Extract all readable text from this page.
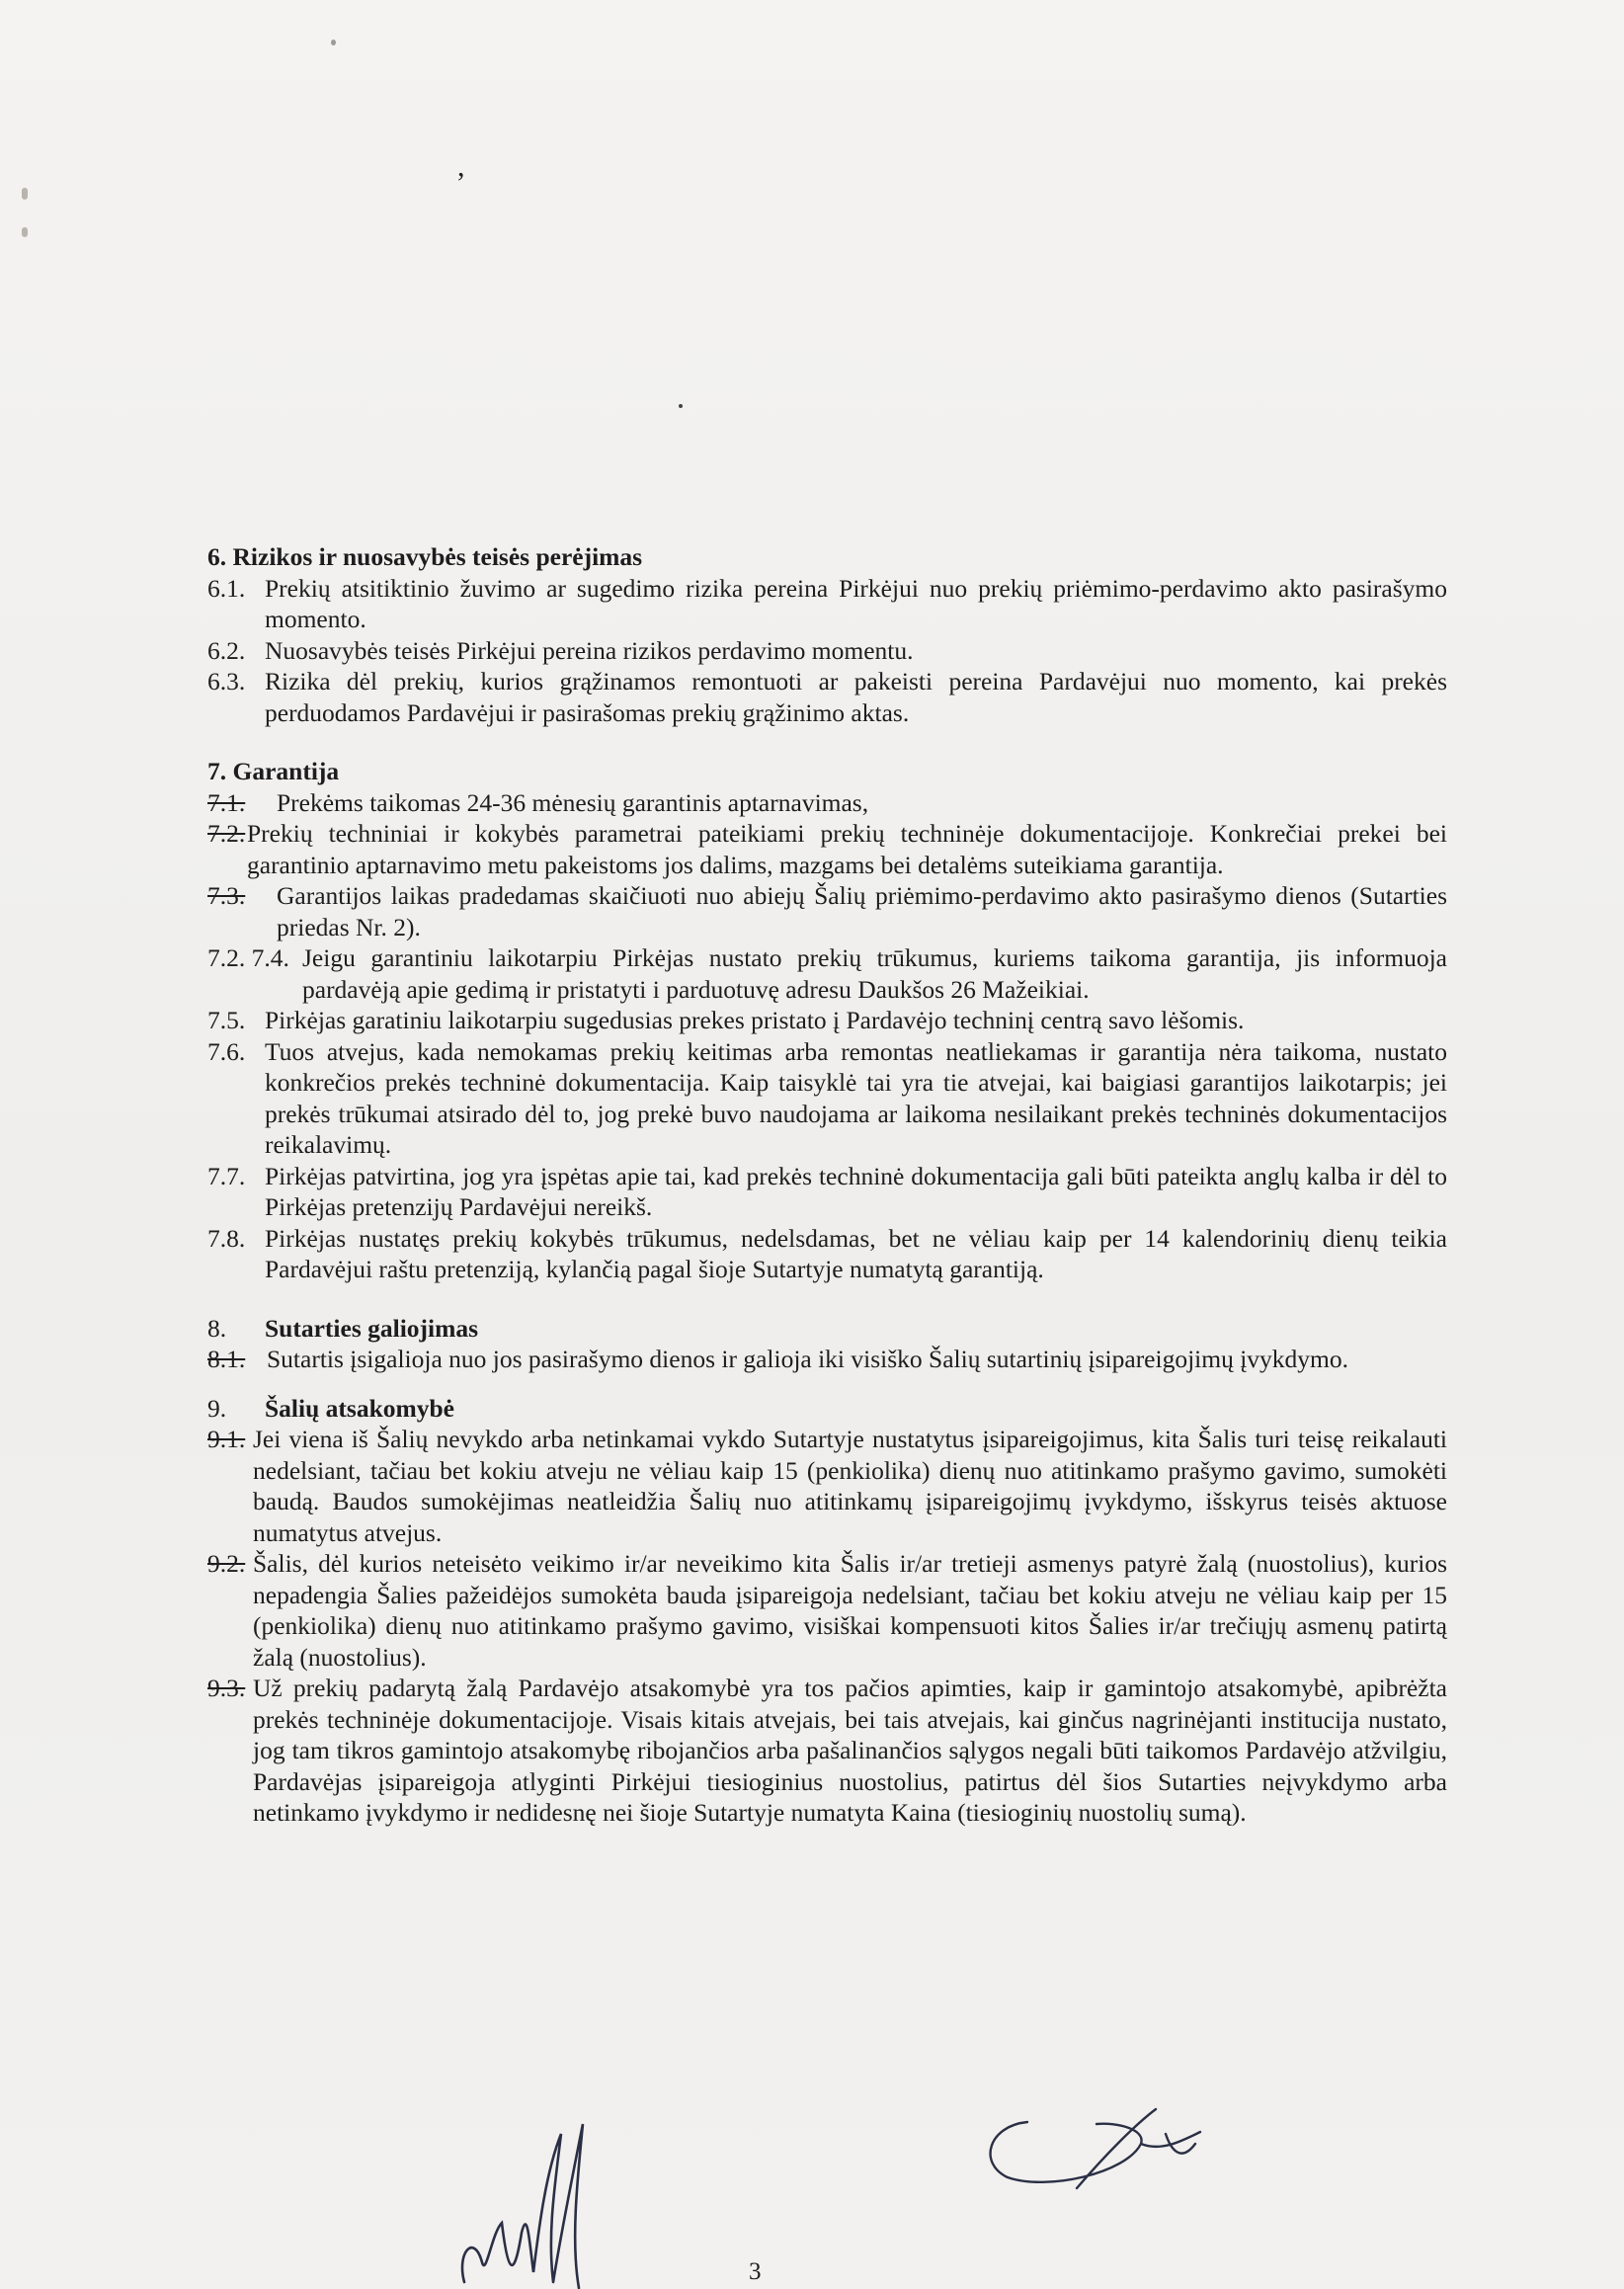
,
6. Rizikos ir nuosavybės teisės perėjimas
6.1. Prekių atsitiktinio žuvimo ar sugedimo rizika pereina Pirkėjui nuo prekių priėmimo-perdavimo akto pasirašymo momento.
6.2. Nuosavybės teisės Pirkėjui pereina rizikos perdavimo momentu.
6.3. Rizika dėl prekių, kurios grąžinamos remontuoti ar pakeisti pereina Pardavėjui nuo momento, kai prekės perduodamos Pardavėjui ir pasirašomas prekių grąžinimo aktas.
7. Garantija
7.1.	Prekėms taikomas 24-36 mėnesių garantinis aptarnavimas,
7.2. Prekių techniniai ir kokybės parametrai pateikiami prekių techninėje dokumentacijoje. Konkrečiai prekei bei garantinio aptarnavimo metu pakeistoms jos dalims, mazgams bei detalėms suteikiama garantija.
7.3.	Garantijos laikas pradedamas skaičiuoti nuo abiejų Šalių priėmimo-perdavimo akto pasirašymo dienos (Sutarties priedas Nr. 2).
7.2. 7.4. Jeigu garantiniu laikotarpiu Pirkėjas nustato prekių trūkumus, kuriems taikoma garantija, jis informuoja pardavėją apie gedimą ir pristatyti i parduotuvę adresu Daukšos 26 Mažeikiai.
7.5. Pirkėjas garatiniu laikotarpiu sugedusias prekes pristato į Pardavėjo techninį centrą savo lėšomis.
7.6. Tuos atvejus, kada nemokamas prekių keitimas arba remontas neatliekamas ir garantija nėra taikoma, nustato konkrečios prekės techninė dokumentacija. Kaip taisyklė tai yra tie atvejai, kai baigiasi garantijos laikotarpis; jei prekės trūkumai atsirado dėl to, jog prekė buvo naudojama ar laikoma nesilaikant prekės techninės dokumentacijos reikalavimų.
7.7. Pirkėjas patvirtina, jog yra įspėtas apie tai, kad prekės techninė dokumentacija gali būti pateikta anglų kalba ir dėl to Pirkėjas pretenzijų Pardavėjui nereikš.
7.8. Pirkėjas nustatęs prekių kokybės trūkumus, nedelsdamas, bet ne vėliau kaip per 14 kalendorinių dienų teikia Pardavėjui raštu pretenziją, kylančią pagal šioje Sutartyje numatytą garantiją.
8. Sutarties galiojimas
8.1. Sutartis įsigalioja nuo jos pasirašymo dienos ir galioja iki visiško Šalių sutartinių įsipareigojimų įvykdymo.
9. Šalių atsakomybė
9.1. Jei viena iš Šalių nevykdo arba netinkamai vykdo Sutartyje nustatytus įsipareigojimus, kita Šalis turi teisę reikalauti nedelsiant, tačiau bet kokiu atveju ne vėliau kaip 15 (penkiolika) dienų nuo atitinkamo prašymo gavimo, sumokėti baudą. Baudos sumokėjimas neatleidžia Šalių nuo atitinkamų įsipareigojimų įvykdymo, išskyrus teisės aktuose numatytus atvejus.
9.2. Šalis, dėl kurios neteisėto veikimo ir/ar neveikimo kita Šalis ir/ar tretieji asmenys patyrė žalą (nuostolius), kurios nepadengia Šalies pažeidėjos sumokėta bauda įsipareigoja nedelsiant, tačiau bet kokiu atveju ne vėliau kaip per 15 (penkiolika) dienų nuo atitinkamo prašymo gavimo, visiškai kompensuoti kitos Šalies ir/ar trečiųjų asmenų patirtą žalą (nuostolius).
9.3. Už prekių padarytą žalą Pardavėjo atsakomybė yra tos pačios apimties, kaip ir gamintojo atsakomybė, apibrėžta prekės techninėje dokumentacijoje. Visais kitais atvejais, bei tais atvejais, kai ginčus nagrinėjanti institucija nustato, jog tam tikros gamintojo atsakomybę ribojančios arba pašalinančios sąlygos negali būti taikomos Pardavėjo atžvilgiu, Pardavėjas įsipareigoja atlyginti Pirkėjui tiesioginius nuostolius, patirtus dėl šios Sutarties neįvykdymo arba netinkamo įvykdymo ir nedidesnę nei šioje Sutartyje numatyta Kaina (tiesioginių nuostolių sumą).
3
